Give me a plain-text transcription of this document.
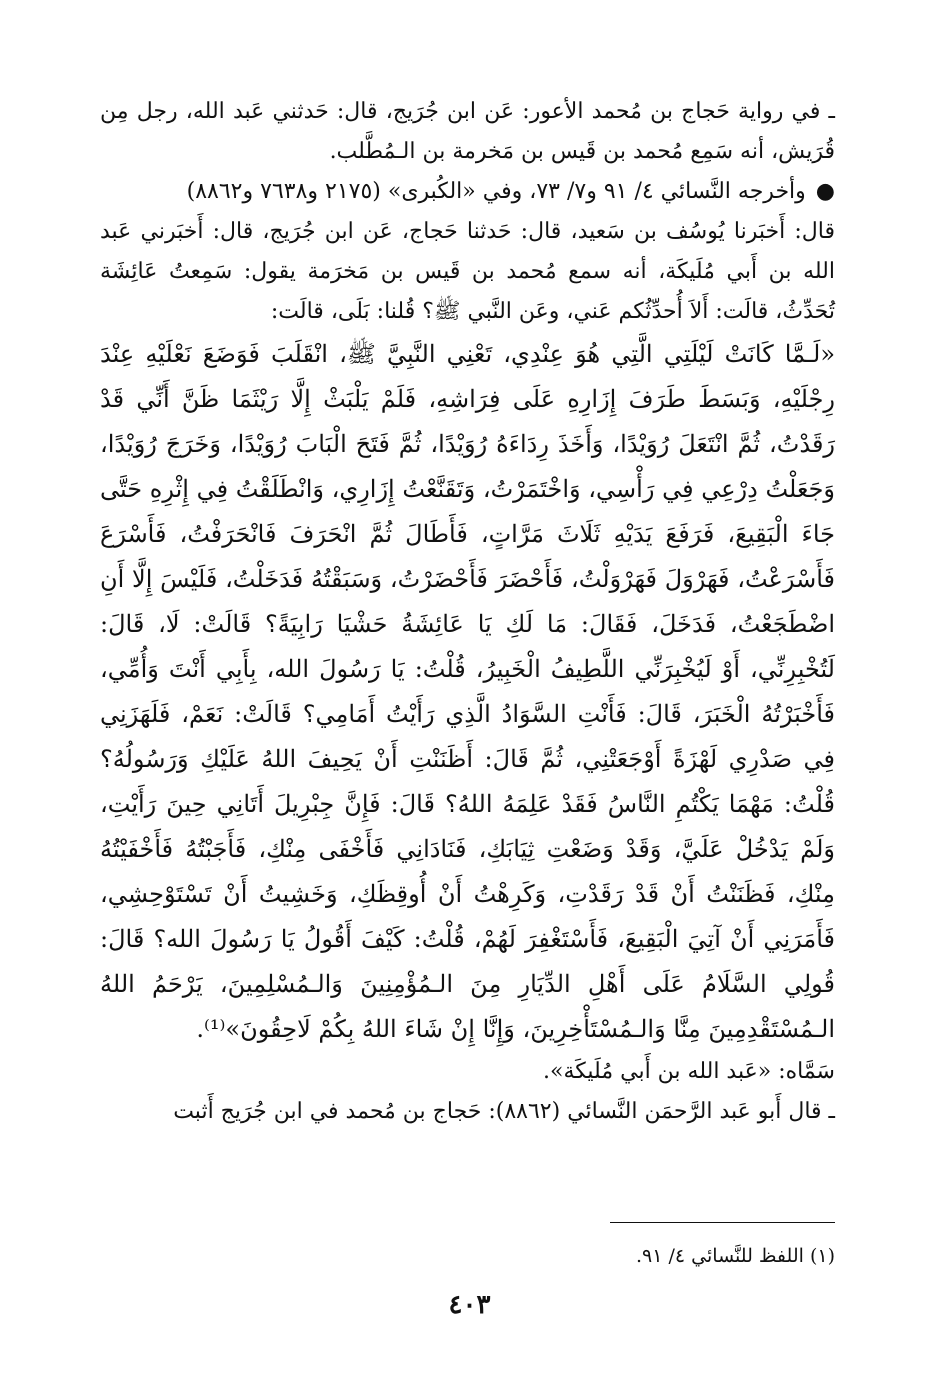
ـ في رواية حَجاج بن مُحمد الأعور: عَن ابن جُرَيج، قال: حَدثني عَبد الله، رجل مِن قُرَيش، أنه سَمِع مُحمد بن قَيس بن مَخرمة بن الـمُطَّلب.

●وأخرجه النَّسائي ٤/ ٩١ و٧/ ٧٣، وفي «الكُبرى» (٢١٧٥ و٧٦٣٨ و٨٨٦٢)

قال: أَخبَرنا يُوسُف بن سَعيد، قال: حَدثنا حَجاج، عَن ابن جُرَيج، قال: أَخبَرني عَبد الله بن أَبي مُلَيكَة، أنه سمع مُحمد بن قَيس بن مَخرَمة يقول: سَمِعتُ عَائِشَة تُحَدِّثُ، قالَت: أَلاَ أُحدِّثُكم عَني، وعَن النَّبي ﷺ؟ قُلنا: بَلَى، قالَت:

«لَـمَّا كَانَتْ لَيْلَتِي الَّتِي هُوَ عِنْدِي، تَعْنِي النَّبِيَّ ﷺ، انْقَلَبَ فَوَضَعَ نَعْلَيْهِ عِنْدَ رِجْلَيْهِ، وَبَسَطَ طَرَفَ إِزَارِهِ عَلَى فِرَاشِهِ، فَلَمْ يَلْبَثْ إِلَّا رَيْثَمَا ظَنَّ أَنِّي قَدْ رَقَدْتُ، ثُمَّ انْتَعَلَ رُوَيْدًا، وَأَخَذَ رِدَاءَهُ رُوَيْدًا، ثُمَّ فَتَحَ الْبَابَ رُوَيْدًا، وَخَرَجَ رُوَيْدًا، وَجَعَلْتُ دِرْعِي فِي رَأْسِي، وَاخْتَمَرْتُ، وَتَقَنَّعْتُ إِزَارِي، وَانْطَلَقْتُ فِي إِثْرِهِ حَتَّى جَاءَ الْبَقِيعَ، فَرَفَعَ يَدَيْهِ ثَلَاثَ مَرَّاتٍ، فَأَطَالَ ثُمَّ انْحَرَفَ فَانْحَرَفْتُ، فَأَسْرَعَ فَأَسْرَعْتُ، فَهَرْوَلَ فَهَرْوَلْتُ، فَأَحْضَرَ فَأَحْضَرْتُ، وَسَبَقْتُهُ فَدَخَلْتُ، فَلَيْسَ إِلَّا أَنِ اضْطَجَعْتُ، فَدَخَلَ، فَقَالَ: مَا لَكِ يَا عَائِشَةُ حَشْيَا رَابِيَةً؟ قَالَتْ: لَا، قَالَ: لَتُخْبِرِنِّي، أَوْ لَيُخْبِرَنِّي اللَّطِيفُ الْخَبِيرُ، قُلْتُ: يَا رَسُولَ الله، بِأَبِي أَنْتَ وَأُمِّي، فَأَخْبَرْتُهُ الْخَبَرَ، قَالَ: فَأَنْتِ السَّوَادُ الَّذِي رَأَيْتُ أَمَامِي؟ قَالَتْ: نَعَمْ، فَلَهَزَنِي فِي صَدْرِي لَهْزَةً أَوْجَعَتْنِي، ثُمَّ قَالَ: أَظَنَنْتِ أَنْ يَحِيفَ اللهُ عَلَيْكِ وَرَسُولُهُ؟ قُلْتُ: مَهْمَا يَكْتُمِ النَّاسُ فَقَدْ عَلِمَهُ اللهُ؟ قَالَ: فَإِنَّ جِبْرِيلَ أَتَانِي حِينَ رَأَيْتِ، وَلَمْ يَدْخُلْ عَلَيَّ، وَقَدْ وَضَعْتِ ثِيَابَكِ، فَنَادَانِي فَأَخْفَى مِنْكِ، فَأَجَبْتُهُ فَأَخْفَيْتُهُ مِنْكِ، فَظَنَنْتُ أَنْ قَدْ رَقَدْتِ، وَكَرِهْتُ أَنْ أُوقِظَكِ، وَخَشِيتُ أَنْ تَسْتَوْحِشِي، فَأَمَرَنِي أَنْ آتِيَ الْبَقِيعَ، فَأَسْتَغْفِرَ لَهُمْ، قُلْتُ: كَيْفَ أَقُولُ يَا رَسُولَ الله؟ قَالَ: قُولِي السَّلَامُ عَلَى أَهْلِ الدِّيَارِ مِنَ الـمُؤْمِنِينَ وَالـمُسْلِمِينَ، يَرْحَمُ اللهُ الـمُسْتَقْدِمِينَ مِنَّا وَالـمُسْتَأْخِرِينَ، وَإِنَّا إِنْ شَاءَ اللهُ بِكُمْ لَاحِقُونَ»⁽¹⁾.

سَمَّاه: «عَبد الله بن أَبي مُلَيكَة».

ـ قال أَبو عَبد الرَّحمَن النَّسائي (٨٨٦٢): حَجاج بن مُحمد في ابن جُرَيج أَثبت

(١) اللفظ للنَّسائي ٤/ ٩١.
٤٠٣
